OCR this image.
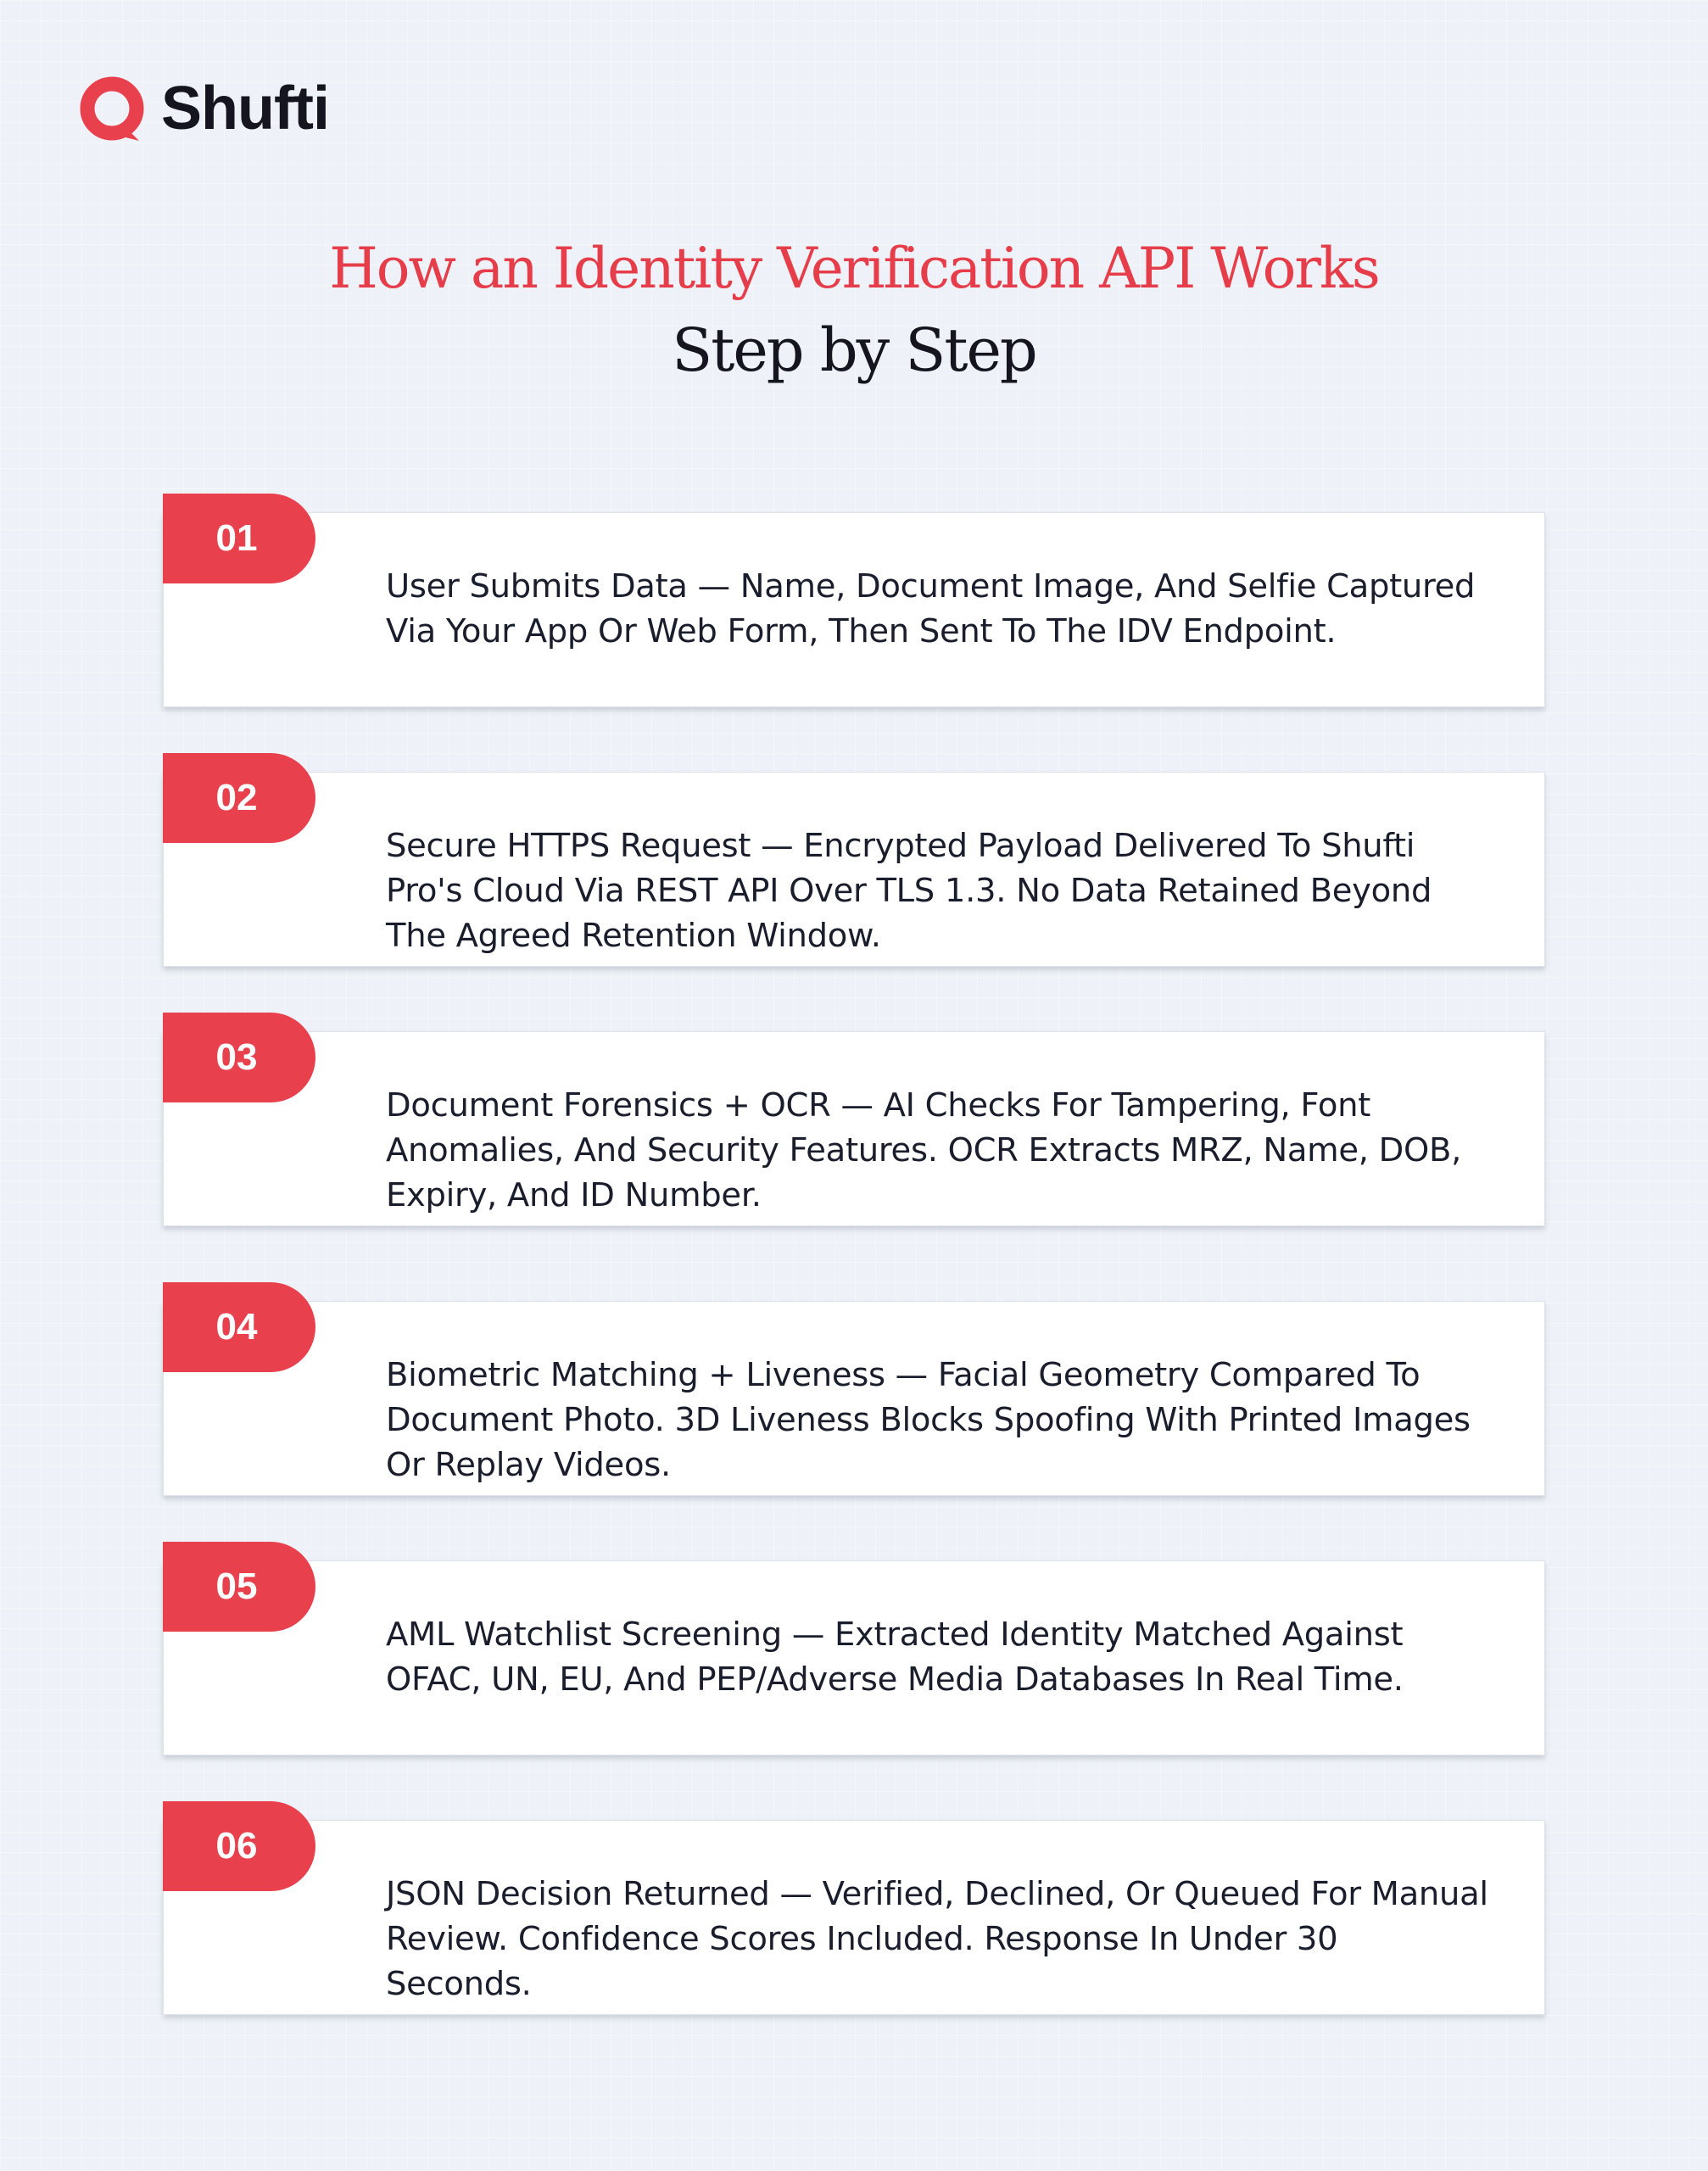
Shufti
How an Identity Verification API Works
Step by Step
User Submits Data — Name, Document Image, And Selfie Captured Via Your App Or Web Form, Then Sent To The IDV Endpoint.
01
Secure HTTPS Request — Encrypted Payload Delivered To Shufti Pro's Cloud Via REST API Over TLS 1.3. No Data Retained Beyond The Agreed Retention Window.
02
Document Forensics + OCR — AI Checks For Tampering, Font Anomalies, And Security Features. OCR Extracts MRZ, Name, DOB, Expiry, And ID Number.
03
Biometric Matching + Liveness — Facial Geometry Compared To Document Photo. 3D Liveness Blocks Spoofing With Printed Images Or Replay Videos.
04
AML Watchlist Screening — Extracted Identity Matched Against OFAC, UN, EU, And PEP/Adverse Media Databases In Real Time.
05
JSON Decision Returned — Verified, Declined, Or Queued For Manual Review. Confidence Scores Included. Response In Under 30 Seconds.
06
